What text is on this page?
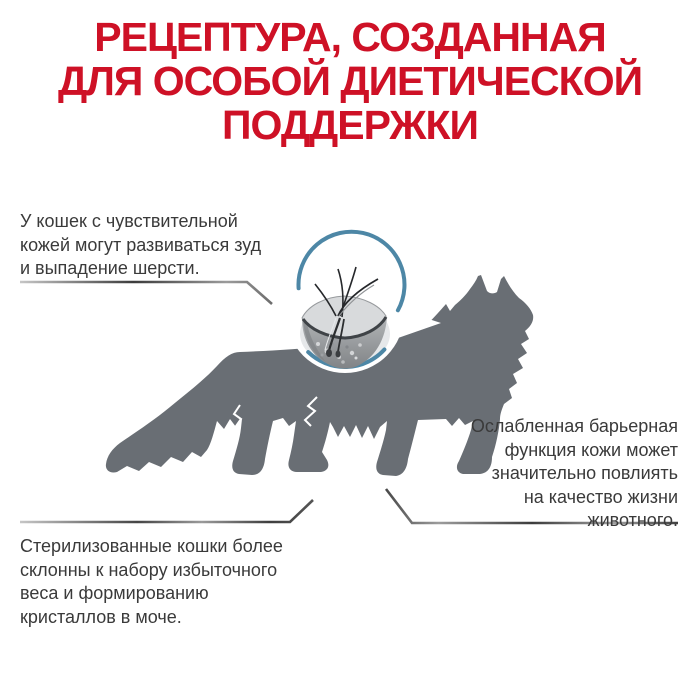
РЕЦЕПТУРА, СОЗДАННАЯ
ДЛЯ ОСОБОЙ ДИЕТИЧЕСКОЙ
ПОДДЕРЖКИ
У кошек с чувствительной
кожей могут развиваться зуд
и выпадение шерсти.
Ослабленная барьерная
функция кожи может
значительно повлиять
на качество жизни
животного.
Стерилизованные кошки более
склонны к набору избыточного
веса и формированию
кристаллов в моче.
